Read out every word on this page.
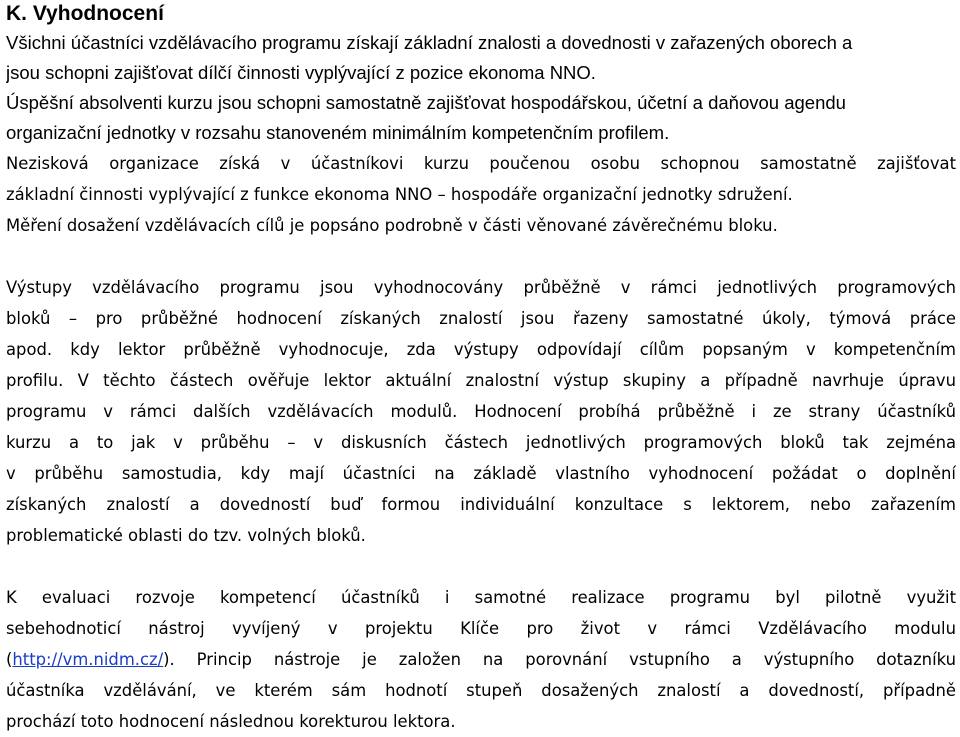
K. Vyhodnocení
Všichni účastníci vzdělávacího programu získají základní znalosti a dovednosti v zařazených oborech a
jsou schopni zajišťovat dílčí činnosti vyplývající z pozice ekonoma NNO.
Úspěšní absolventi kurzu jsou schopni samostatně zajišťovat hospodářskou, účetní a daňovou agendu
organizační jednotky v rozsahu stanoveném minimálním kompetenčním profilem.
Nezisková organizace získá v účastníkovi kurzu poučenou osobu schopnou samostatně zajišťovat
základní činnosti vyplývající z funkce ekonoma NNO – hospodáře organizační jednotky sdružení.
Měření dosažení vzdělávacích cílů je popsáno podrobně v části věnované závěrečnému bloku.
Výstupy vzdělávacího programu jsou vyhodnocovány průběžně v rámci jednotlivých programových
bloků – pro průběžné hodnocení získaných znalostí jsou řazeny samostatné úkoly, týmová práce
apod. kdy lektor průběžně vyhodnocuje, zda výstupy odpovídají cílům popsaným v kompetenčním
profilu. V těchto částech ověřuje lektor aktuální znalostní výstup skupiny a případně navrhuje úpravu
programu v rámci dalších vzdělávacích modulů. Hodnocení probíhá průběžně i ze strany účastníků
kurzu a to jak v průběhu – v diskusních částech jednotlivých programových bloků tak zejména
v průběhu samostudia, kdy mají účastníci na základě vlastního vyhodnocení požádat o doplnění
získaných znalostí a dovedností buď formou individuální konzultace s lektorem, nebo zařazením
problematické oblasti do tzv. volných bloků.
K evaluaci rozvoje kompetencí účastníků i samotné realizace programu byl pilotně využit
sebehodnoticí nástroj vyvíjený v projektu Klíče pro život v rámci Vzdělávacího modulu
(http://vm.nidm.cz/). Princip nástroje je založen na porovnání vstupního a výstupního dotazníku
účastníka vzdělávání, ve kterém sám hodnotí stupeň dosažených znalostí a dovedností, případně
prochází toto hodnocení následnou korekturou lektora.
